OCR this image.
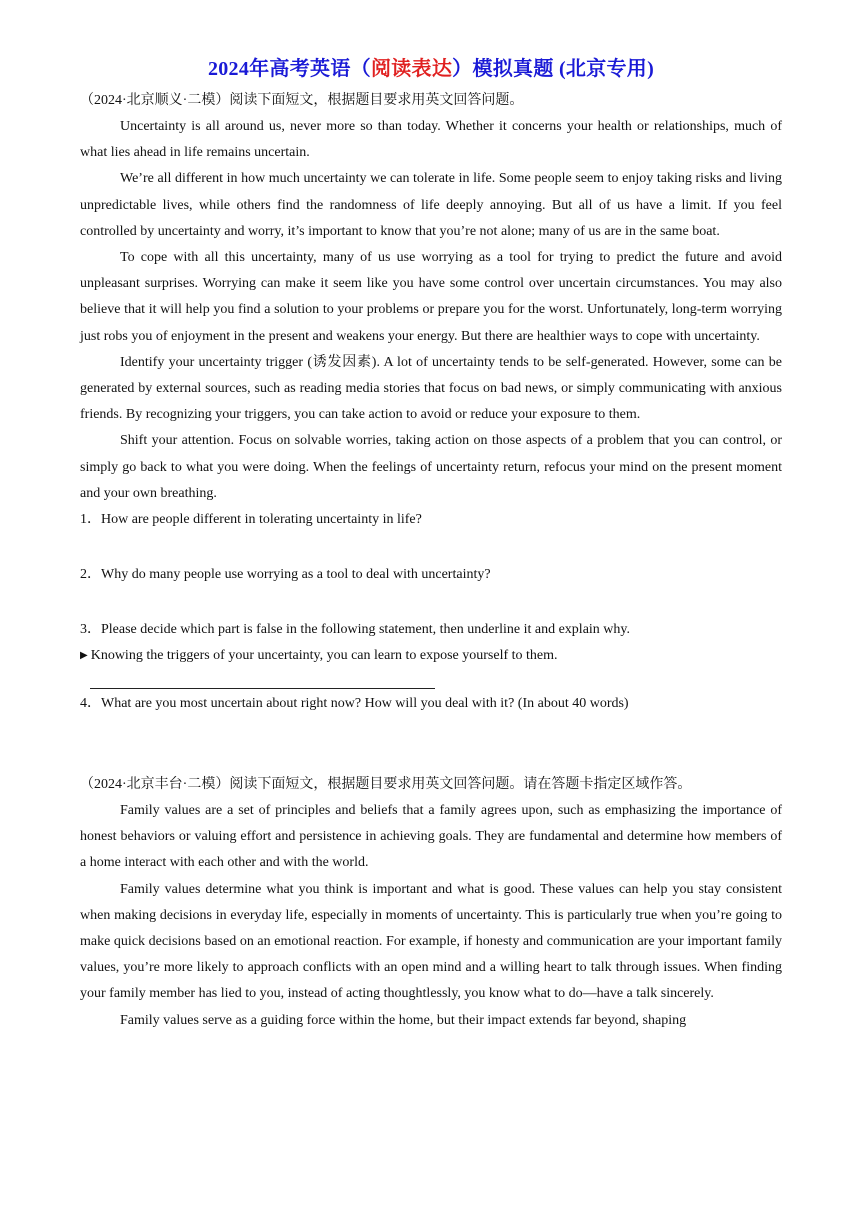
2024年高考英语（阅读表达）模拟真题 (北京专用)

（2024·北京顺义·二模）阅读下面短文，根据题目要求用英文回答问题。

Uncertainty is all around us, never more so than today. Whether it concerns your health or relationships, much of what lies ahead in life remains uncertain.

We’re all different in how much uncertainty we can tolerate in life. Some people seem to enjoy taking risks and living unpredictable lives, while others find the randomness of life deeply annoying. But all of us have a limit. If you feel controlled by uncertainty and worry, it’s important to know that you’re not alone; many of us are in the same boat.

To cope with all this uncertainty, many of us use worrying as a tool for trying to predict the future and avoid unpleasant surprises. Worrying can make it seem like you have some control over uncertain circumstances. You may also believe that it will help you find a solution to your problems or prepare you for the worst. Unfortunately, long-term worrying just robs you of enjoyment in the present and weakens your energy. But there are healthier ways to cope with uncertainty.

Identify your uncertainty trigger (诱发因素). A lot of uncertainty tends to be self-generated. However, some can be generated by external sources, such as reading media stories that focus on bad news, or simply communicating with anxious friends. By recognizing your triggers, you can take action to avoid or reduce your exposure to them.

Shift your attention. Focus on solvable worries, taking action on those aspects of a problem that you can control, or simply go back to what you were doing. When the feelings of uncertainty return, refocus your mind on the present moment and your own breathing.

1．How are people different in tolerating uncertainty in life?

2．Why do many people use worrying as a tool to deal with uncertainty?

3．Please decide which part is false in the following statement, then underline it and explain why.

▶ Knowing the triggers of your uncertainty, you can learn to expose yourself to them.

4．What are you most uncertain about right now? How will you deal with it? (In about 40 words)

（2024·北京丰台·二模）阅读下面短文，根据题目要求用英文回答问题。请在答题卡指定区域作答。

Family values are a set of principles and beliefs that a family agrees upon, such as emphasizing the importance of honest behaviors or valuing effort and persistence in achieving goals. They are fundamental and determine how members of a home interact with each other and with the world.

Family values determine what you think is important and what is good. These values can help you stay consistent when making decisions in everyday life, especially in moments of uncertainty. This is particularly true when you’re going to make quick decisions based on an emotional reaction. For example, if honesty and communication are your important family values, you’re more likely to approach conflicts with an open mind and a willing heart to talk through issues. When finding your family member has lied to you, instead of acting thoughtlessly, you know what to do—have a talk sincerely.

Family values serve as a guiding force within the home, but their impact extends far beyond, shaping
